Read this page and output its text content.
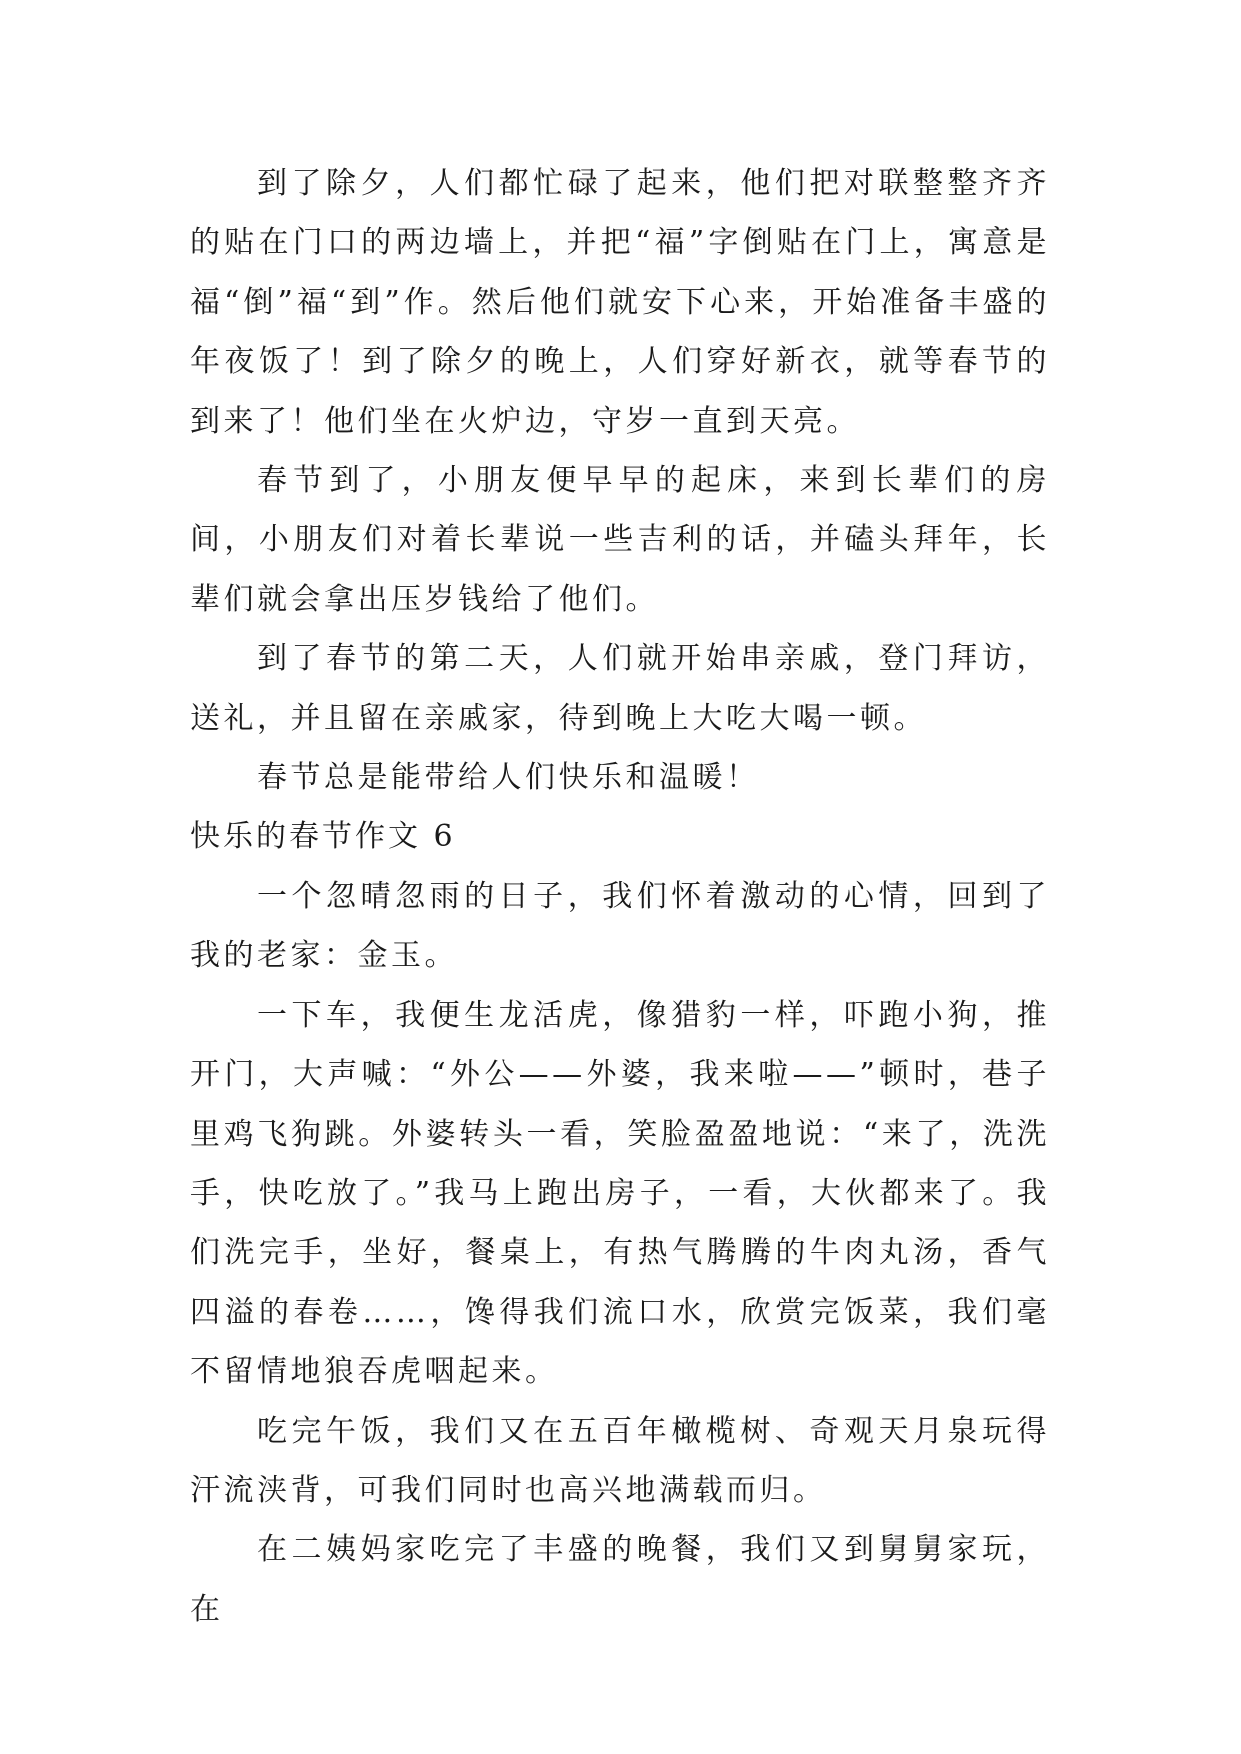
到了除夕，人们都忙碌了起来，他们把对联整整齐齐的贴在门口的两边墙上，并把“福”字倒贴在门上，寓意是福“倒”福“到”作。然后他们就安下心来，开始准备丰盛的年夜饭了！到了除夕的晚上，人们穿好新衣，就等春节的到来了！他们坐在火炉边，守岁一直到天亮。

春节到了，小朋友便早早的起床，来到长辈们的房间，小朋友们对着长辈说一些吉利的话，并磕头拜年，长辈们就会拿出压岁钱给了他们。

到了春节的第二天，人们就开始串亲戚，登门拜访，送礼，并且留在亲戚家，待到晚上大吃大喝一顿。

春节总是能带给人们快乐和温暖！

快乐的春节作文 6

一个忽晴忽雨的日子，我们怀着激动的心情，回到了我的老家：金玉。

一下车，我便生龙活虎，像猎豹一样，吓跑小狗，推开门，大声喊：“外公——外婆，我来啦——”顿时，巷子里鸡飞狗跳。外婆转头一看，笑脸盈盈地说：“来了，洗洗手，快吃放了。”我马上跑出房子，一看，大伙都来了。我们洗完手，坐好，餐桌上，有热气腾腾的牛肉丸汤，香气四溢的春卷……，馋得我们流口水，欣赏完饭菜，我们毫不留情地狼吞虎咽起来。

吃完午饭，我们又在五百年橄榄树、奇观天月泉玩得汗流浃背，可我们同时也高兴地满载而归。

在二姨妈家吃完了丰盛的晚餐，我们又到舅舅家玩，在
